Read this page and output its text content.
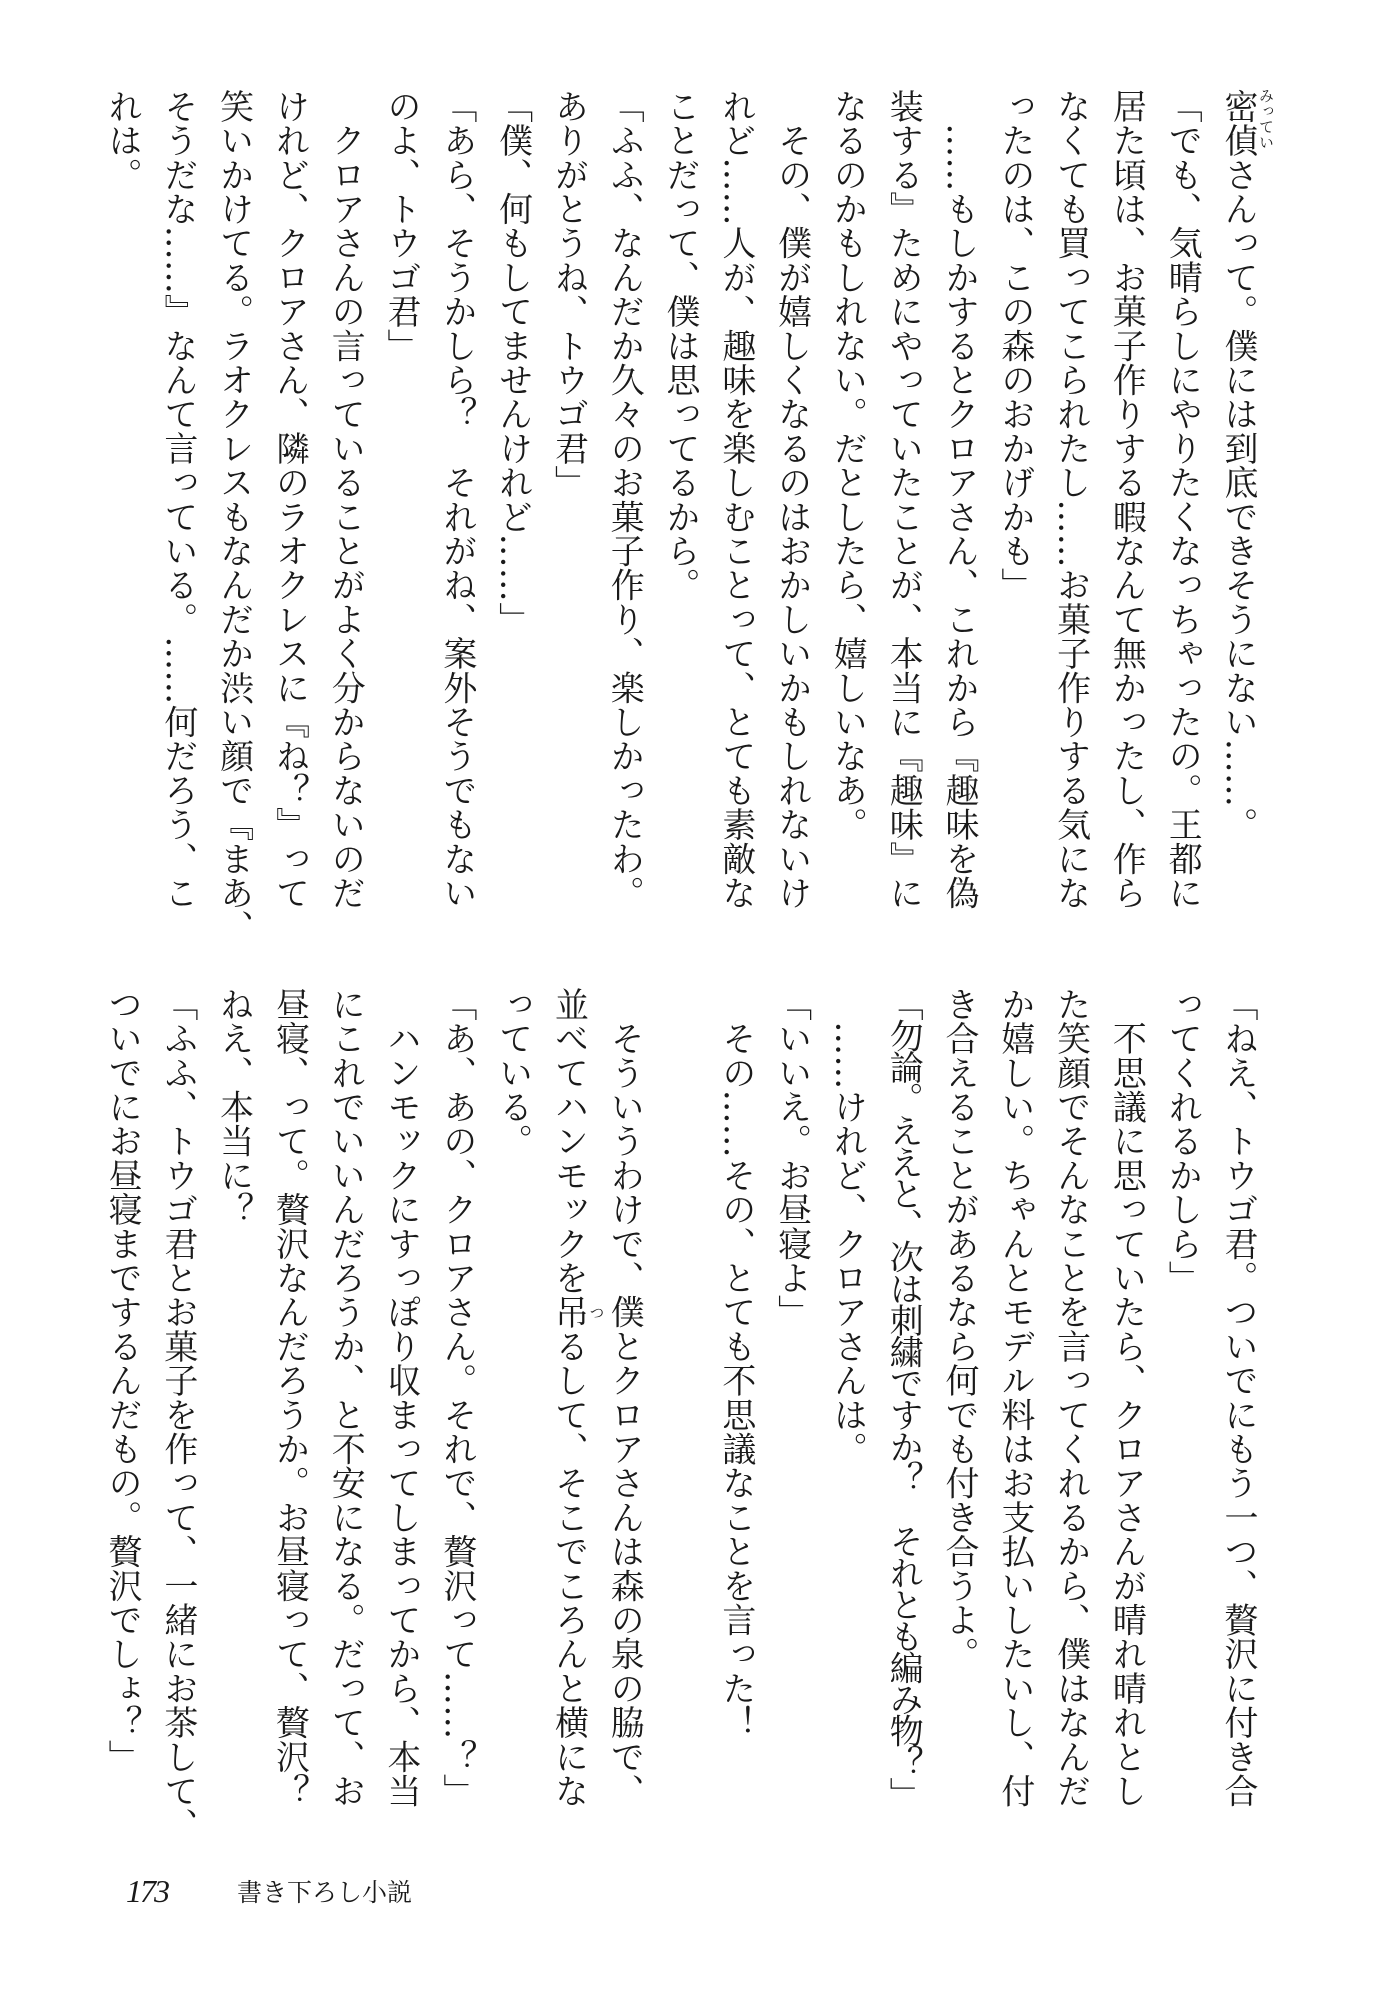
密偵 みってい
さんって。僕には到底できそうにない……。
「でも、気晴らしにやりたくなっちゃったの。王都に
居た頃は、お菓子作りする暇なんて無かったし、作ら
なくても買ってこられたし……お菓子作りする気にな
ったのは、この森のおかげかも」
　……もしかするとクロアさん、これから『趣味を偽
装する』ためにやっていたことが、本当に『趣味』に
なるのかもしれない。だとしたら、嬉しいなあ。
　その、僕が嬉しくなるのはおかしいかもしれないけ
れど……人が、趣味を楽しむことって、とても素敵な
ことだって、僕は思ってるから。
「ふふ、なんだか久々のお菓子作り、楽しかったわ。
ありがとうね、トウゴ君」
「僕、何もしてませんけれど……」
「あら、そうかしら？　それがね、案外そうでもない
のよ、トウゴ君」
　クロアさんの言っていることがよく分からないのだ
けれど、クロアさん、隣のラオクレスに『ね？』って
笑いかけてる。ラオクレスもなんだか渋い顔で『まあ、
そうだな……』なんて言っている。……何だろう、こ
れは。
「ねえ、トウゴ君。ついでにもう一つ、贅沢に付き合
ってくれるかしら」
　不思議に思っていたら、クロアさんが晴れ晴れとし
た笑顔でそんなことを言ってくれるから、僕はなんだ
か嬉しい。ちゃんとモデル料はお支払いしたいし、付
き合えることがあるなら何でも付き合うよ。
「勿論。ええと、次は刺繍ですか？　それとも編み物？」
　……けれど、クロアさんは。
「いいえ。お昼寝よ」
　その……その、とても不思議なことを言った！
　そういうわけで、僕とクロアさんは森の泉の脇で、
並べてハンモックを吊 つ
るして、そこでころんと横にな
っている。
「あ、あの、クロアさん。それで、贅沢って……？」
　ハンモックにすっぽり収まってしまってから、本当
にこれでいいんだろうか、と不安になる。だって、お
昼寝、って。贅沢なんだろうか。お昼寝って、贅沢？
ねえ、本当に？
「ふふ、トウゴ君とお菓子を作って、一緒にお茶して、
ついでにお昼寝までするんだもの。贅沢でしょ？」
173	書き下ろし小説
